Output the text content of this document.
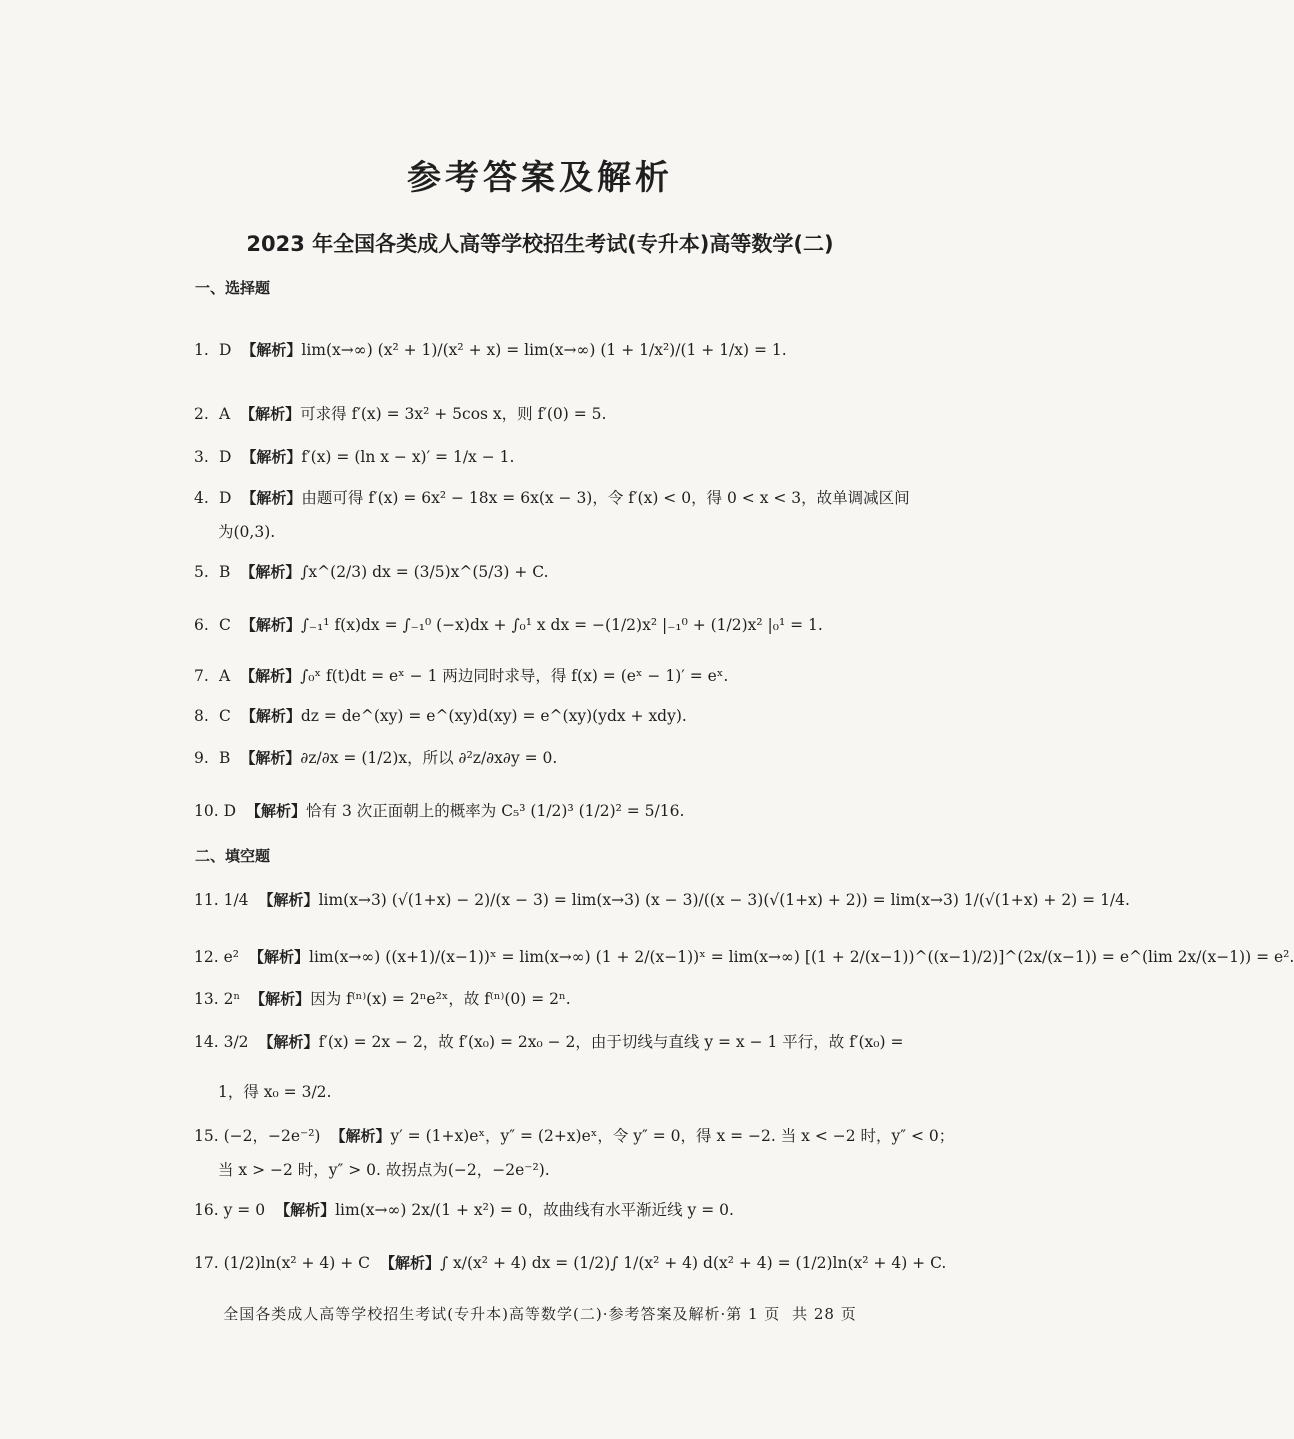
参考答案及解析
2023 年全国各类成人高等学校招生考试(专升本)高等数学(二)
一、选择题
1. D 【解析】lim(x→∞) (x² + 1)/(x² + x) = lim(x→∞) (1 + 1/x²)/(1 + 1/x) = 1.
2. A 【解析】可求得 f′(x) = 3x² + 5cos x，则 f′(0) = 5.
3. D 【解析】f′(x) = (ln x − x)′ = 1/x − 1.
4. D 【解析】由题可得 f′(x) = 6x² − 18x = 6x(x − 3)，令 f′(x) < 0，得 0 < x < 3，故单调减区间
为(0,3).
5. B 【解析】∫x^(2/3) dx = (3/5)x^(5/3) + C.
6. C 【解析】∫₋₁¹ f(x)dx = ∫₋₁⁰ (−x)dx + ∫₀¹ x dx = −(1/2)x² |₋₁⁰ + (1/2)x² |₀¹ = 1.
7. A 【解析】∫₀ˣ f(t)dt = eˣ − 1 两边同时求导，得 f(x) = (eˣ − 1)′ = eˣ.
8. C 【解析】dz = de^(xy) = e^(xy)d(xy) = e^(xy)(ydx + xdy).
9. B 【解析】∂z/∂x = (1/2)x，所以 ∂²z/∂x∂y = 0.
10. D 【解析】恰有 3 次正面朝上的概率为 C₅³ (1/2)³ (1/2)² = 5/16.
二、填空题
11. 1/4 【解析】lim(x→3) (√(1+x) − 2)/(x − 3) = lim(x→3) (x − 3)/((x − 3)(√(1+x) + 2)) = lim(x→3) 1/(√(1+x) + 2) = 1/4.
12. e² 【解析】lim(x→∞) ((x+1)/(x−1))ˣ = lim(x→∞) (1 + 2/(x−1))ˣ = lim(x→∞) [(1 + 2/(x−1))^((x−1)/2)]^(2x/(x−1)) = e^(lim 2x/(x−1)) = e².
13. 2ⁿ 【解析】因为 f⁽ⁿ⁾(x) = 2ⁿe²ˣ，故 f⁽ⁿ⁾(0) = 2ⁿ.
14. 3/2 【解析】f′(x) = 2x − 2，故 f′(x₀) = 2x₀ − 2，由于切线与直线 y = x − 1 平行，故 f′(x₀) =
1，得 x₀ = 3/2.
15. (−2，−2e⁻²) 【解析】y′ = (1+x)eˣ，y″ = (2+x)eˣ，令 y″ = 0，得 x = −2. 当 x < −2 时，y″ < 0；
当 x > −2 时，y″ > 0. 故拐点为(−2，−2e⁻²).
16. y = 0 【解析】lim(x→∞) 2x/(1 + x²) = 0，故曲线有水平渐近线 y = 0.
17. (1/2)ln(x² + 4) + C 【解析】∫ x/(x² + 4) dx = (1/2)∫ 1/(x² + 4) d(x² + 4) = (1/2)ln(x² + 4) + C.
全国各类成人高等学校招生考试(专升本)高等数学(二)·参考答案及解析·第 1 页 共 28 页
